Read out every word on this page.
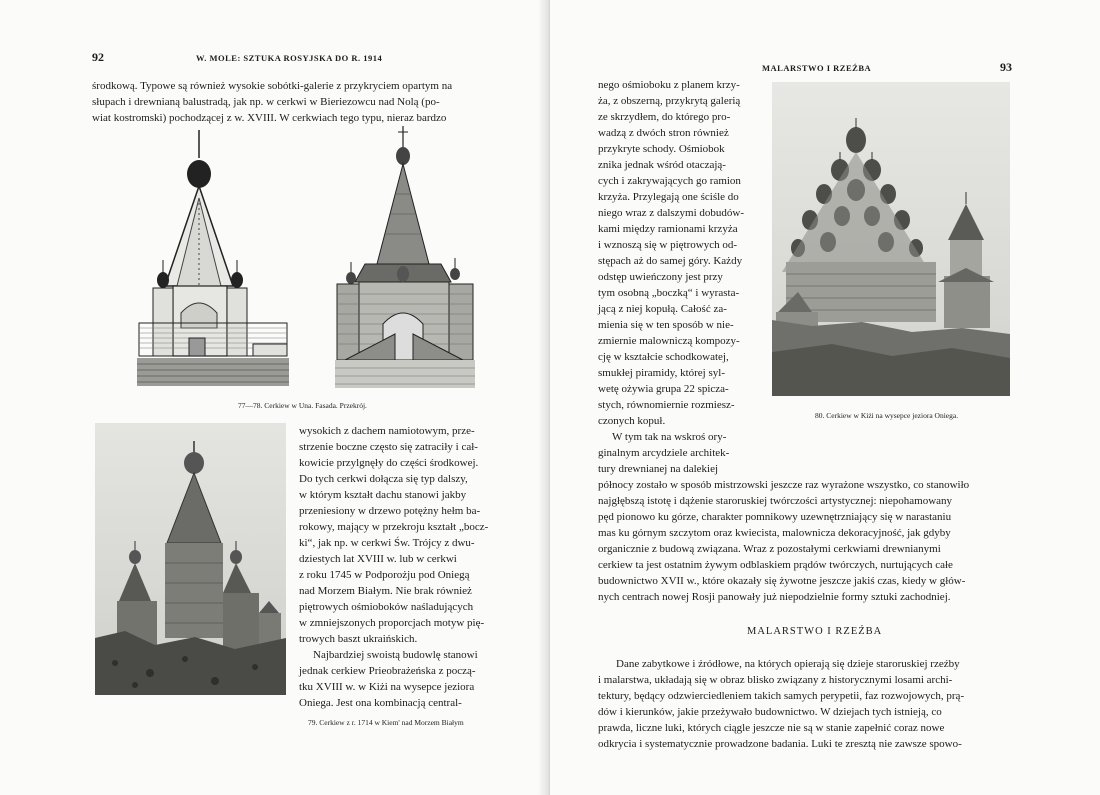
92	W. MOLE: SZTUKA ROSYJSKA DO R. 1914
środkową. Typowe są również wysokie sobótki-galerie z przykryciem opartym na
słupach i drewnianą balustradą, jak np. w cerkwi w Bieriezowcu nad Nolą (po-
wiat kostromski) pochodzącej z w. XVIII. W cerkwiach tego typu, nieraz bardzo
77—78. Cerkiew w Una. Fasada. Przekrój.
wysokich z dachem namiotowym, prze-
strzenie boczne często się zatraciły i cał-
kowicie przylgnęły do części środkowej.
Do tych cerkwi dołącza się typ dalszy,
w którym kształt dachu stanowi jakby
przeniesiony w drzewo potężny hełm ba-
rokowy, mający w przekroju kształt „bocz-
ki“, jak np. w cerkwi Św. Trójcy z dwu-
dziestych lat XVIII w. lub w cerkwi
z roku 1745 w Podporożju pod Oniegą
nad Morzem Białym. Nie brak również
piętrowych ośmioboków naśladujących
w zmniejszonych proporcjach motyw pię-
trowych baszt ukraińskich.
Najbardziej swoistą budowlę stanowi
jednak cerkiew Prieobrażeńska z począ-
tku XVIII w. w Kiżi na wysepce jeziora
Oniega. Jest ona kombinacją central-
79. Cerkiew z r. 1714 w Kiem' nad Morzem Białym
MALARSTWO I RZEŹBA	93
nego ośmioboku z planem krzy-
ża, z obszerną, przykrytą galerią
ze skrzydłem, do którego pro-
wadzą z dwóch stron również
przykryte schody. Ośmiobok
znika jednak wśród otaczają-
cych i zakrywających go ramion
krzyża. Przylegają one ściśle do
niego wraz z dalszymi dobudów-
kami między ramionami krzyża
i wznoszą się w piętrowych od-
stępach aż do samej góry. Każdy
odstęp uwieńczony jest przy
tym osobną „boczką“ i wyrasta-
jącą z niej kopułą. Całość za-
mienia się w ten sposób w nie-
zmiernie malowniczą kompozy-
cję w kształcie schodkowatej,
smukłej piramidy, której syl-
wetę ożywia grupa 22 spicza-
stych, równomiernie rozmiesz-
czonych kopuł.
W tym tak na wskroś ory-
ginalnym arcydziele architek-
tury drewnianej na dalekiej
80. Cerkiew w Kiżi na wysepce jeziora Oniega.
północy zostało w sposób mistrzowski jeszcze raz wyrażone wszystko, co stanowiło
najgłębszą istotę i dążenie staroruskiej twórczości artystycznej: niepohamowany
pęd pionowo ku górze, charakter pomnikowy uzewnętrzniający się w narastaniu
mas ku górnym szczytom oraz kwiecista, malownicza dekoracyjność, jak gdyby
organicznie z budową związana. Wraz z pozostałymi cerkwiami drewnianymi
cerkiew ta jest ostatnim żywym odblaskiem prądów twórczych, nurtujących całe
budownictwo XVII w., które okazały się żywotne jeszcze jakiś czas, kiedy w głów-
nych centrach nowej Rosji panowały już niepodzielnie formy sztuki zachodniej.
MALARSTWO I RZEŹBA
Dane zabytkowe i źródłowe, na których opierają się dzieje staroruskiej rzeźby
i malarstwa, układają się w obraz blisko związany z historycznymi losami archi-
tektury, będący odzwierciedleniem takich samych perypetii, faz rozwojowych, prą-
dów i kierunków, jakie przeżywało budownictwo. W dziejach tych istnieją, co
prawda, liczne luki, których ciągle jeszcze nie są w stanie zapełnić coraz nowe
odkrycia i systematycznie prowadzone badania. Luki te zresztą nie zawsze spowo-
